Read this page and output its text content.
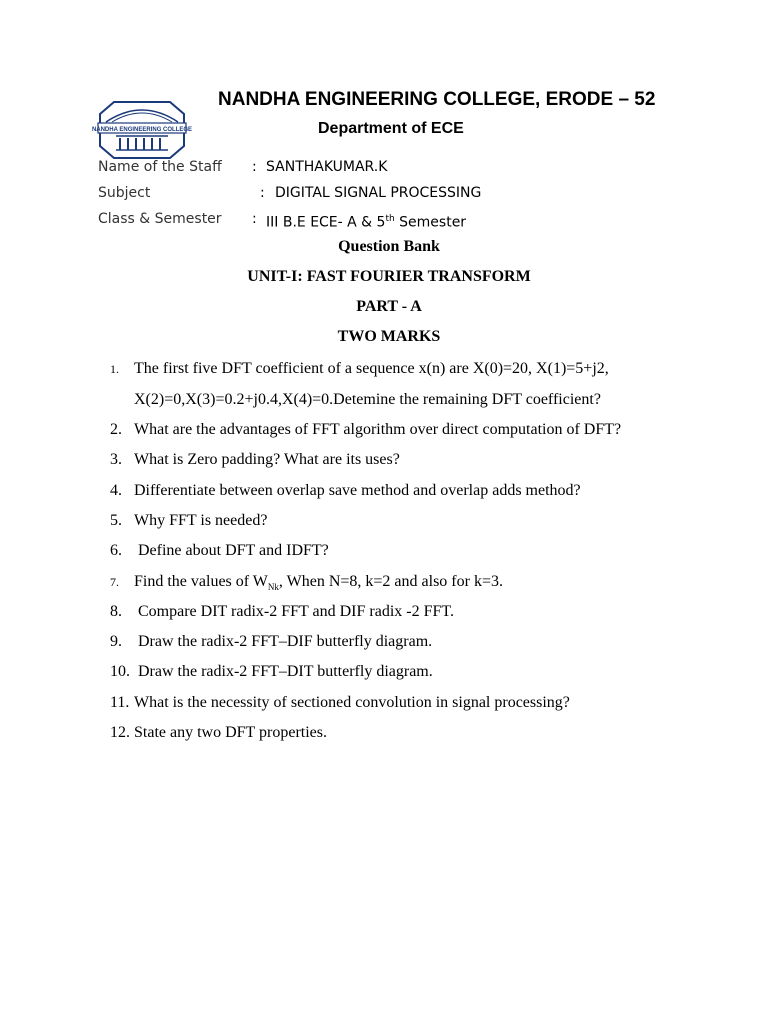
NANDHA ENGINEERING COLLEGE
NANDHA ENGINEERING COLLEGE, ERODE – 52
Department of ECE
Name of the Staff : SANTHAKUMAR.K
Subject	: DIGITAL SIGNAL PROCESSING
Class & Semester : III B.E ECE- A & 5th Semester
Question Bank
UNIT-I: FAST FOURIER TRANSFORM
PART - A
TWO MARKS
1. The first five DFT coefficient of a sequence x(n) are X(0)=20, X(1)=5+j2,
X(2)=0,X(3)=0.2+j0.4,X(4)=0.Detemine the remaining DFT coefficient?
2. What are the advantages of FFT algorithm over direct computation of DFT?
3. What is Zero padding? What are its uses?
4. Differentiate between overlap save method and overlap adds method?
5. Why FFT is needed?
6. Define about DFT and IDFT?
7. Find the values of $W_{Nk}$, When N=8, k=2 and also for k=3.
8. Compare DIT radix-2 FFT and DIF radix -2 FFT.
9. Draw the radix-2 FFT–DIF butterfly diagram.
10. Draw the radix-2 FFT–DIT butterfly diagram.
11. What is the necessity of sectioned convolution in signal processing?
12. State any two DFT properties.
